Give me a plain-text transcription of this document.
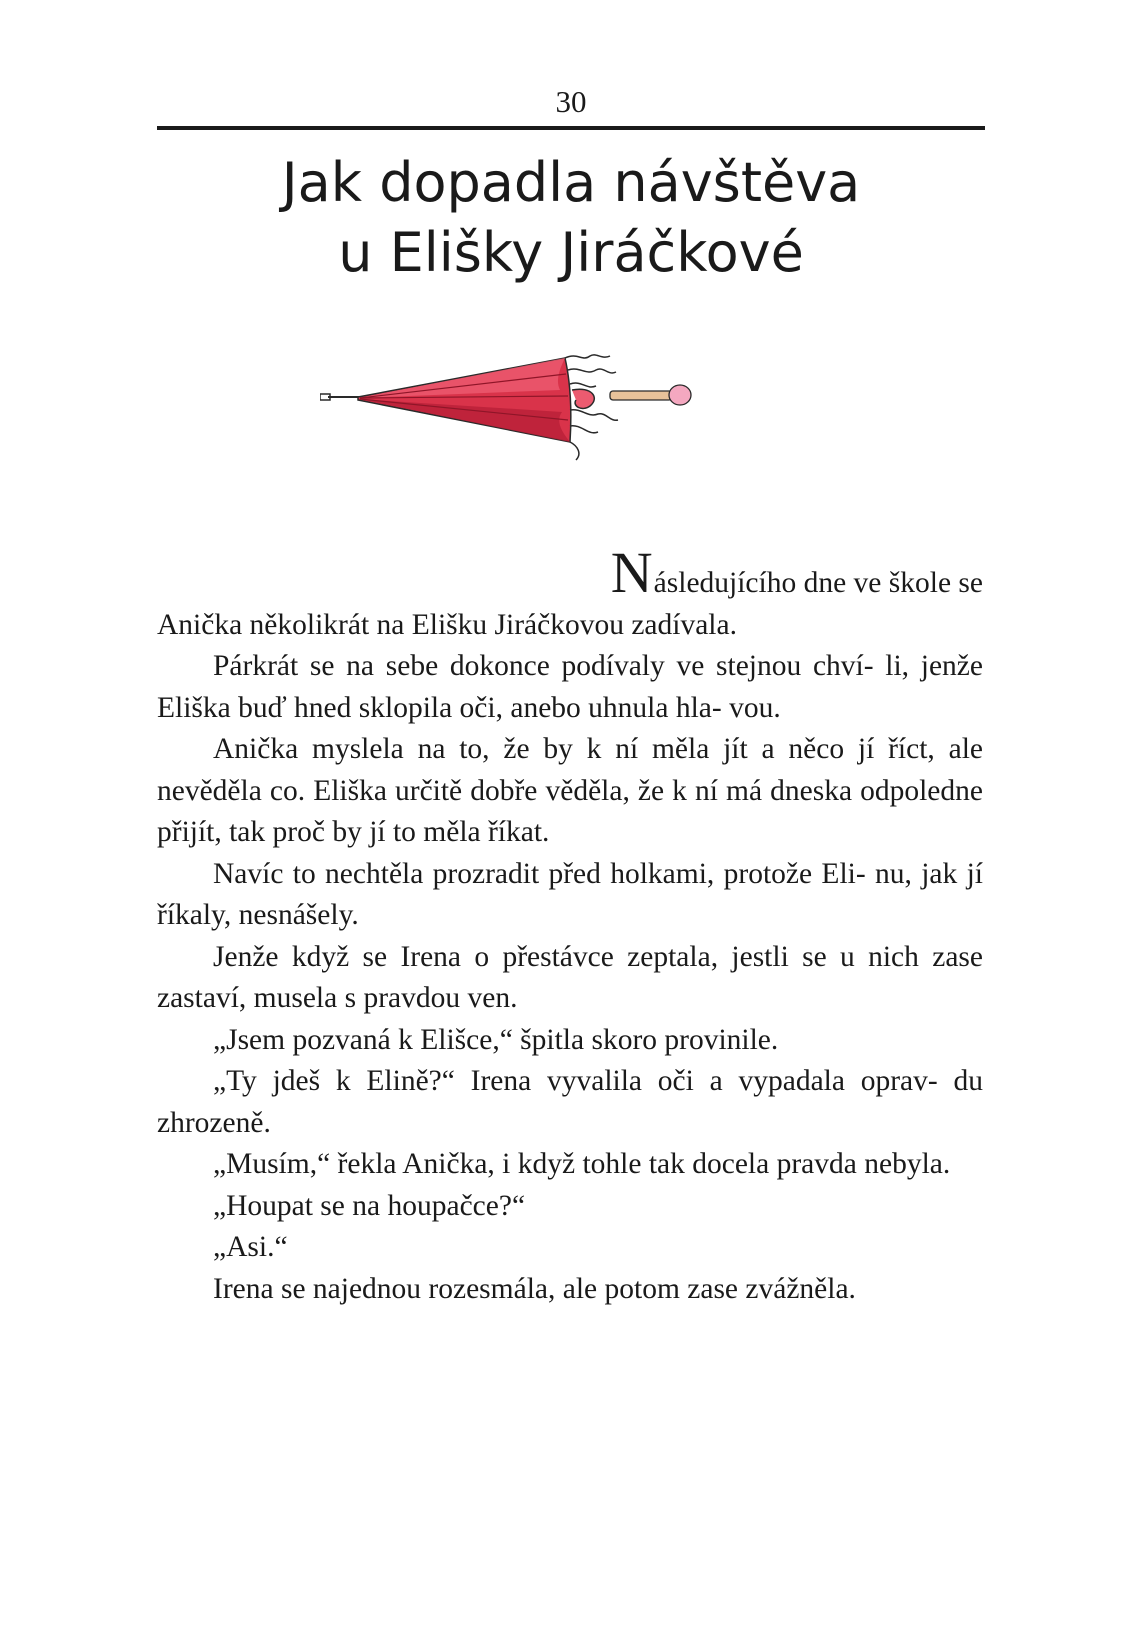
30
Jak dopadla návštěva
u Elišky Jiráčkové

Následujícího dne ve škole se
Anička několikrát na Elišku Jiráčkovou zadívala.

Párkrát se na sebe dokonce podívaly ve stejnou chví- li, jenže Eliška buď hned sklopila oči, anebo uhnula hla- vou.

Anička myslela na to, že by k ní měla jít a něco jí říct, ale nevěděla co. Eliška určitě dobře věděla, že k ní má dneska odpoledne přijít, tak proč by jí to měla říkat.

Navíc to nechtěla prozradit před holkami, protože Eli- nu, jak jí říkaly, nesnášely.

Jenže když se Irena o přestávce zeptala, jestli se u nich zase zastaví, musela s pravdou ven.

„Jsem pozvaná k Elišce,“ špitla skoro provinile.

„Ty jdeš k Elině?“ Irena vyvalila oči a vypadala oprav- du zhrozeně.

„Musím,“ řekla Anička, i když tohle tak docela pravda nebyla.

„Houpat se na houpačce?“

„Asi.“

Irena se najednou rozesmála, ale potom zase zvážněla.
